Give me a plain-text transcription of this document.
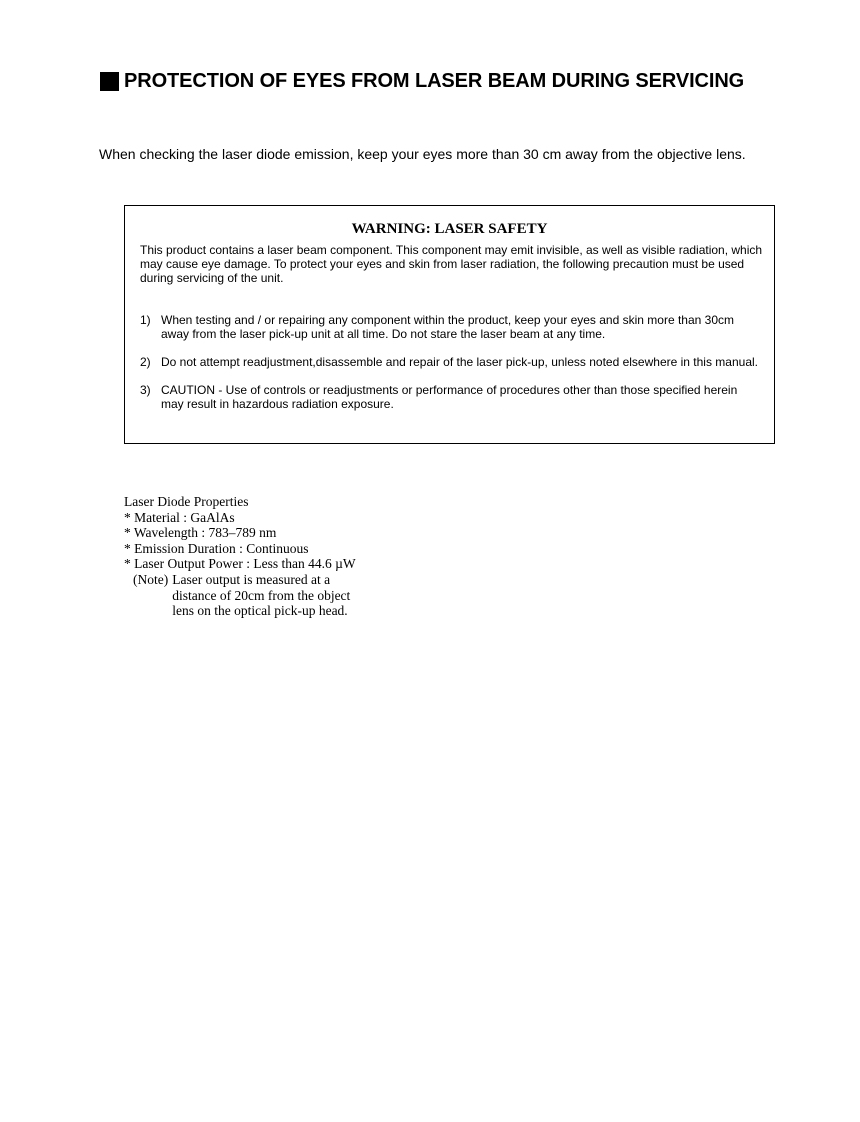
PROTECTION OF EYES FROM LASER BEAM DURING SERVICING
When checking the laser diode emission, keep your eyes more than 30 cm away from the objective lens.
WARNING: LASER SAFETY
This product contains a laser beam component. This component may emit invisible, as well as visible radiation, which may cause eye damage. To protect your eyes and skin from laser radiation, the following precaution must be used during servicing of the unit.
1) When testing and / or repairing any component within the product, keep your eyes and skin more than 30cm away from the laser pick-up unit at all time. Do not stare the laser beam at any time.
2) Do not attempt readjustment,disassemble and repair of the laser pick-up, unless noted elsewhere in this manual.
3) CAUTION - Use of controls or readjustments or performance of procedures other than those specified herein may result in hazardous radiation exposure.
Laser Diode Properties
* Material : GaAlAs
* Wavelength : 783–789 nm
* Emission Duration : Continuous
* Laser Output Power : Less than 44.6 µW
(Note) Laser output is measured at a
distance of 20cm from the object
lens on the optical pick-up head.
